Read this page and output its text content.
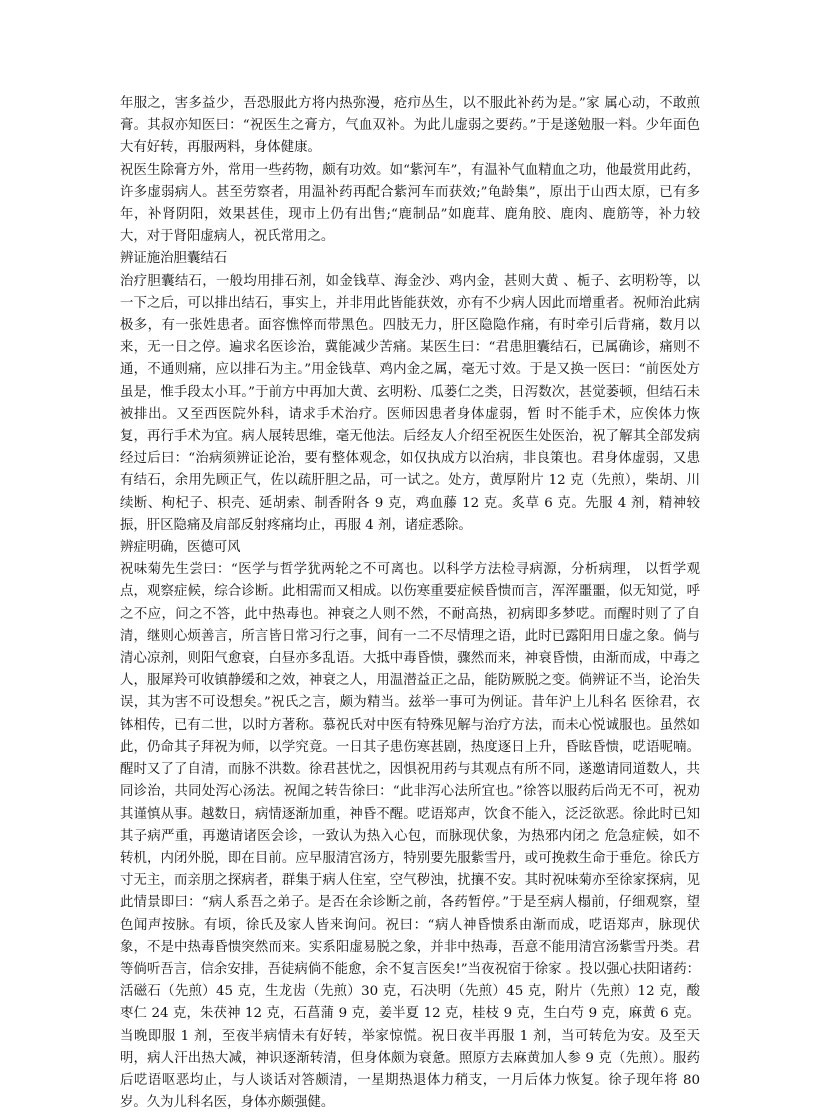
年服之，害多益少，吾恐服此方将内热弥漫，疮疖丛生，以不服此补药为是。”家 属心动，不敢煎膏。其叔亦知医曰：“祝医生之膏方，气血双补。为此儿虚弱之要药。”于是遂勉服一料。少年面色大有好转，再服两料，身体健康。

祝医生除膏方外，常用一些药物，颇有功效。如“紫河车”，有温补气血精血之功，他最赏用此药，许多虚弱病人。甚至劳察者，用温补药再配合紫河车而获效;”龟龄集”，原出于山西太原，已有多年，补肾阴阳，效果甚佳，现市上仍有出售;“鹿制品”如鹿茸、鹿角胶、鹿肉、鹿筋等，补力较大，对于肾阳虚病人，祝氏常用之。

辨证施治胆囊结石

治疗胆囊结石，一般均用排石剂，如金钱草、海金沙、鸡内金，甚则大黄 、栀子、玄明粉等，以一下之后，可以排出结石，事实上，并非用此皆能获效，亦有不少病人因此而增重者。祝师治此病极多，有一张姓患者。面容憔悴而带黑色。四肢无力，肝区隐隐作痛，有时牵引后背痛，数月以来，无一日之停。遍求名医诊治，冀能减少苦痛。某医生曰：“君患胆囊结石，已属确诊，痛则不通，不通则痛，应以排石为主。”用金钱草、鸡内金之属，毫无寸效。于是又换一医曰：“前医处方虽是，惟手段太小耳。”于前方中再加大黄、玄明粉、瓜蒌仁之类，日泻数次，甚觉萎顿，但结石未被排出。又至西医院外科，请求手术治疗。医师因患者身体虚弱，暂 时不能手术，应俟体力恢复，再行手术为宜。病人展转思维，毫无他法。后经友人介绍至祝医生处医治，祝了解其全部发病经过后曰：“治病须辨证论治，要有整体观念，如仅执成方以治病，非良策也。君身体虚弱，又患有结石，余用先顾正气，佐以疏肝胆之品，可一试之。处方，黄厚附片 12 克（先煎），柴胡、川续断、枸杞子、枳壳、延胡索、制香附各 9 克，鸡血藤 12 克。炙草 6 克。先服 4 剂，精神较振，肝区隐痛及肩部反射疼痛均止，再服 4 剂，诸症悉除。

辨症明确，医德可风

祝味菊先生尝曰：“医学与哲学犹两轮之不可离也。以科学方法检寻病源，分析病理， 以哲学观点，观察症候，综合诊断。此相需而又相成。以伤寒重要症候昏愦而言，浑浑噩噩，似无知觉，呼之不应，问之不答，此中热毒也。神衰之人则不然，不耐高热，初病即多梦呓。而醒时则了了自清，继则心烦善言，所言皆日常习行之事，间有一二不尽情理之语，此时已露阳用日虚之象。倘与清心凉剂，则阳气愈衰，白昼亦多乱语。大抵中毒昏愦，骤然而来，神衰昏愦，由渐而成，中毒之人，服犀羚可收镇静缓和之效，神衰之人，用温潜益正之品，能防厥脱之变。倘辨证不当，论治失误，其为害不可设想矣。”祝氏之言，颇为精当。兹举一事可为例证。昔年沪上儿科名 医徐君，衣钵相传，已有二世，以时方著称。慕祝氏对中医有特殊见解与治疗方法，而未心悦诚服也。虽然如此，仍命其子拜祝为师，以学究竟。一日其子患伤寒甚剧，热度逐日上升，昏眩昏愦，呓语呢喃。醒时又了了自清，而脉不洪数。徐君甚忧之，因惧祝用药与其观点有所不同，遂邀请同道数人，共同诊治，共同处泻心汤法。祝闻之转告徐曰：“此非泻心法所宜也。”徐答以服药后尚无不可，祝劝其谨慎从事。越数日，病情逐渐加重，神昏不醒。呓语郑声，饮食不能入，泛泛欲恶。徐此时已知其子病严重，再邀请诸医会诊，一致认为热入心包，而脉现伏象，为热邪内闭之 危急症候，如不转机，内闭外脱，即在目前。应早服清宫汤方，特别要先服紫雪丹，或可挽救生命于垂危。徐氏方寸无主，而亲朋之探病者，群集于病人住室，空气秽浊，扰攘不安。其时祝味菊亦至徐家探病，见此情景即曰：“病人系吾之弟子。是否在余诊断之前，各药暂停。”于是至病人榻前，仔细观察，望色闻声按脉。有顷，徐氏及家人皆来询问。祝曰：“病人神昏愦系由渐而成，呓语郑声，脉现伏象，不是中热毒昏愦突然而来。实系阳虚易脱之象，并非中热毒，吾意不能用清宫汤紫雪丹类。君等倘听吾言，信余安排，吾徒病倘不能愈，余不复言医矣!”当夜祝宿于徐家 。投以强心扶阳诸药：活磁石（先煎）45 克，生龙齿（先煎）30 克，石决明（先煎）45 克，附片（先煎）12 克，酸枣仁 24 克，朱茯神 12 克，石菖蒲 9 克，姜半夏 12 克，桂枝 9 克，生白芍 9 克，麻黄 6 克。当晚即服 1 剂，至夜半病情未有好转，举家惊慌。祝日夜半再服 1 剂，当可转危为安。及至天明，病人汗出热大减，神识逐渐转清，但身体颇为衰惫。照原方去麻黄加人参 9 克（先煎）。服药后呓语呕恶均止，与人谈话对答颇清，一星期热退体力稍支，一月后体力恢复。徐子现年将 80 岁。久为儿科名医，身体亦颇强健。
